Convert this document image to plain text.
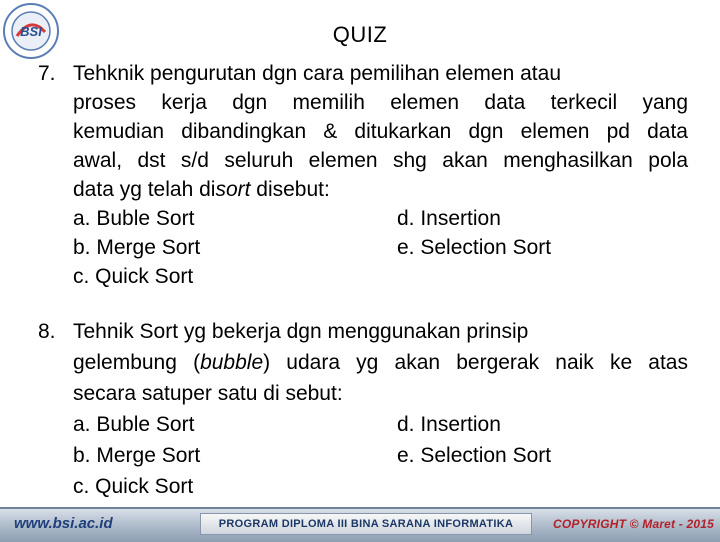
BSI	QUIZ
7. Tehknik pengurutan dgn cara pemilihan elemen atau
proses kerja dgn memilih elemen data terkecil yang
kemudian dibandingkan & ditukarkan dgn elemen pd data
awal, dst s/d seluruh elemen shg akan menghasilkan pola
data yg telah disort disebut:
a. Buble Sort	d. Insertion
b. Merge Sort	e. Selection Sort
c. Quick Sort
8. Tehnik Sort yg bekerja dgn menggunakan prinsip
gelembung (bubble) udara yg akan bergerak naik ke atas
secara satuper satu di sebut:
a. Buble Sort	d. Insertion
b. Merge Sort	e. Selection Sort
c. Quick Sort
www.bsi.ac.id	PROGRAM DIPLOMA III BINA SARANA INFORMATIKA	COPYRIGHT © Maret - 2015
